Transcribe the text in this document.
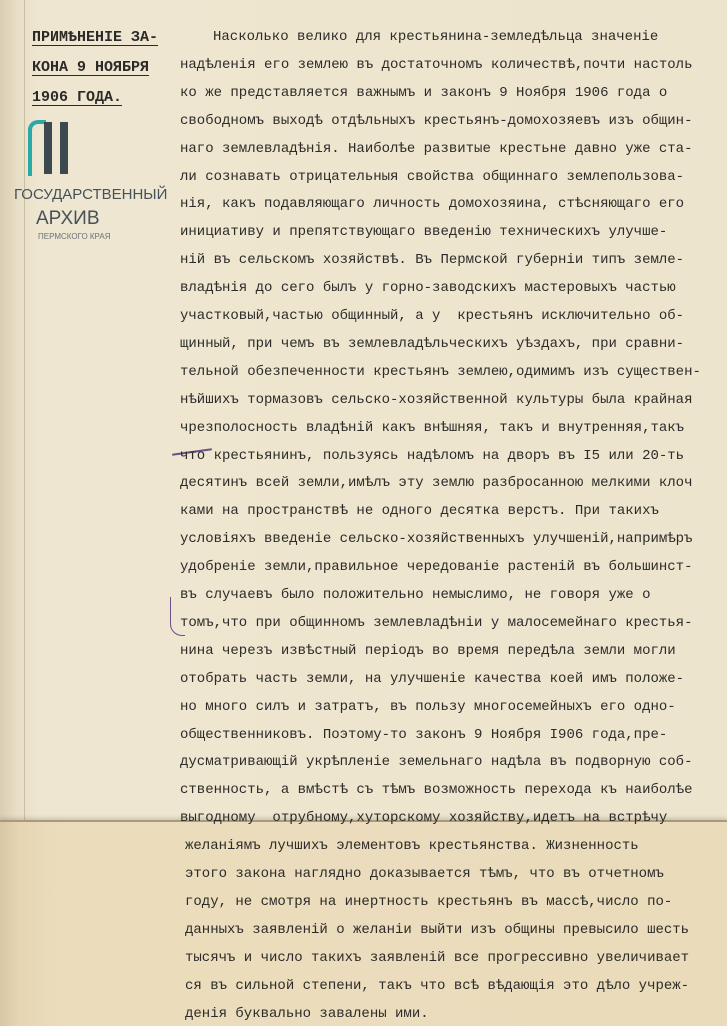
ПРИМѢНЕНІЕ ЗА-
КОНА 9 НОЯБРЯ
1906 ГОДА.
ГОСУДАРСТВЕННЫЙ
АРХИВ
ПЕРМСКОГО КРАЯ
Насколько велико для крестьянина-земледѣльца значеніе
надѣленія его землею въ достаточномъ количествѣ,почти настоль
ко же представляется важнымъ и законъ 9 Ноября 1906 года о
свободномъ выходѣ отдѣльныхъ крестьянъ-домохозяевъ изъ общин-
наго землевладѣнія. Наиболѣе развитые крестьне давно уже ста-
ли сознавать отрицательныя свойства общиннаго землепользова-
нія, какъ подавляющаго личность домохозяина, стѣсняющаго его
инициативу и препятствующаго введенію техническихъ улучше-
ній въ сельскомъ хозяйствѣ. Въ Пермской губерніи типъ земле-
владѣнія до сего былъ у горно-заводскихъ мастеровыхъ частью
участковый,частью общинный, а у  крестьянъ исключительно об-
щинный, при чемъ въ землевладѣльческихъ уѣздахъ, при сравни-
тельной обезпеченности крестьянъ землею,одимимъ изъ существен-
нѣйшихъ тормазовъ сельско-хозяйственной культуры была крайная
чрезполосность владѣній какъ внѣшняя, такъ и внутренняя,такъ
что крестьянинъ, пользуясь надѣломъ на дворъ въ I5 или 20-ть
десятинъ всей земли,имѣлъ эту землю разбросанною мелкими клоч
ками на пространствѣ не одного десятка верстъ. При такихъ
условіяхъ введеніе сельско-хозяйственныхъ улучшеній,напримѣръ
удобреніе земли,правильное чередованіе растеній въ большинст-
въ случаевъ было положительно немыслимо, не говоря уже о
томъ,что при общинномъ землевладѣніи у малосемейнаго крестья-
нина черезъ извѣстный періодъ во время передѣла земли могли
отобрать часть земли, на улучшеніе качества коей имъ положе-
но много силъ и затратъ, въ пользу многосемейныхъ его одно-
общественниковъ. Поэтому-то законъ 9 Ноября I906 года,пре-
дусматривающій укрѣпленіе земельнаго надѣла въ подворную соб-
ственность, а вмѣстѣ съ тѣмъ возможность перехода къ наиболѣе
выгодному  отрубному,хуторскому хозяйству,идетъ на встрѣчу
желаніямъ лучшихъ элементовъ крестьянства. Жизненность
этого закона наглядно доказывается тѣмъ, что въ отчетномъ
году, не смотря на инертность крестьянъ въ массѣ,число по-
данныхъ заявленій о желаніи выйти изъ общины превысило шесть
тысячъ и число такихъ заявленій все прогрессивно увеличивает
ся въ сильной степени, такъ что всѣ вѣдающія это дѣло учреж-
денія буквально завалены ими.
